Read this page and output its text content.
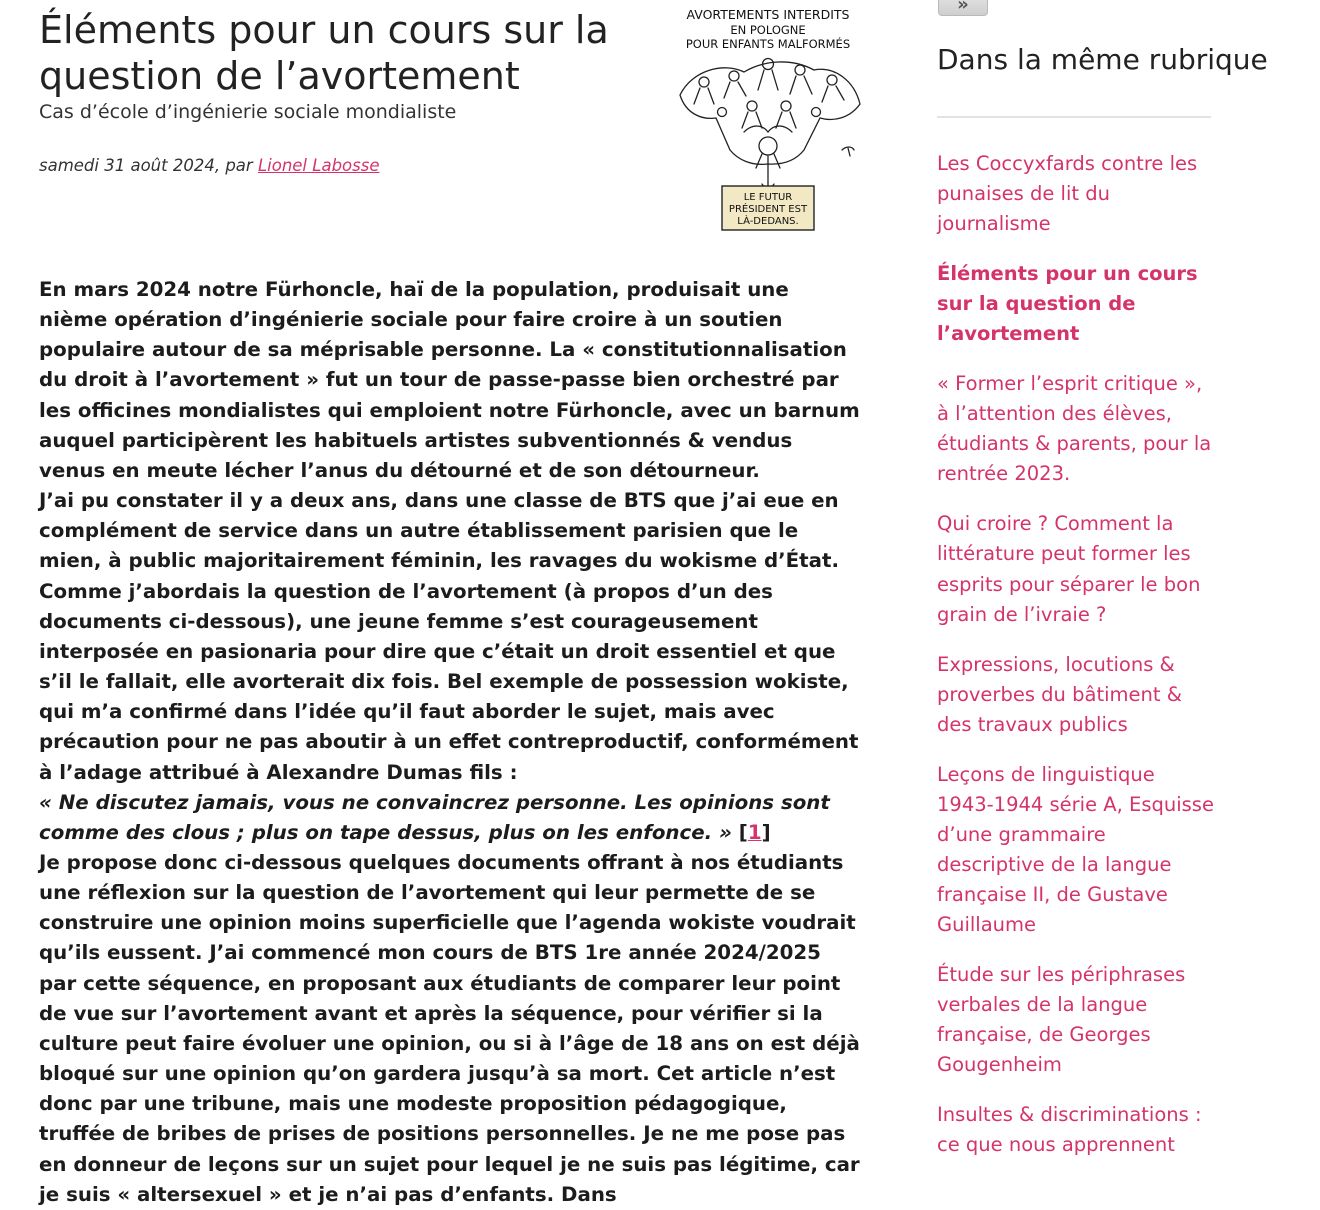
»
Éléments pour un cours sur la question de l’avortement
Cas d’école d’ingénierie sociale mondialiste
samedi 31 août 2024, par Lionel Labosse
AVORTEMENTS INTERDITS
EN POLOGNE
POUR ENFANTS MALFORMÉS
LE FUTUR
PRÉSIDENT EST
LÀ-DEDANS.

En mars 2024 notre Fürhoncle, haï de la population, produisait une nième opération d’ingénierie sociale pour faire croire à un soutien populaire autour de sa méprisable personne. La « constitutionnalisation du droit à l’avortement » fut un tour de passe-passe bien orchestré par les officines mondialistes qui emploient notre Fürhoncle, avec un barnum auquel participèrent les habituels artistes subventionnés & vendus venus en meute lécher l’anus du détourné et de son détourneur.

J’ai pu constater il y a deux ans, dans une classe de BTS que j’ai eue en complément de service dans un autre établissement parisien que le mien, à public majoritairement féminin, les ravages du wokisme d’État. Comme j’abordais la question de l’avortement (à propos d’un des documents ci-dessous), une jeune femme s’est courageusement interposée en pasionaria pour dire que c’était un droit essentiel et que s’il le fallait, elle avorterait dix fois. Bel exemple de possession wokiste, qui m’a confirmé dans l’idée qu’il faut aborder le sujet, mais avec précaution pour ne pas aboutir à un effet contreproductif, conformément à l’adage attribué à Alexandre Dumas fils :

« Ne discutez jamais, vous ne convaincrez personne. Les opinions sont comme des clous ; plus on tape dessus, plus on les enfonce. » [1]

Je propose donc ci-dessous quelques documents offrant à nos étudiants une réflexion sur la question de l’avortement qui leur permette de se construire une opinion moins superficielle que l’agenda wokiste voudrait qu’ils eussent. J’ai commencé mon cours de BTS 1re année 2024/2025 par cette séquence, en proposant aux étudiants de comparer leur point de vue sur l’avortement avant et après la séquence, pour vérifier si la culture peut faire évoluer une opinion, ou si à l’âge de 18 ans on est déjà bloqué sur une opinion qu’on gardera jusqu’à sa mort. Cet article n’est donc par une tribune, mais une modeste proposition pédagogique, truffée de bribes de prises de positions personnelles. Je ne me pose pas en donneur de leçons sur un sujet pour lequel je ne suis pas légitime, car je suis « altersexuel » et je n’ai pas d’enfants. Dans

Dans la même rubrique
Les Coccyxfards contre les punaises de lit du journalisme
Éléments pour un cours sur la question de l’avortement
« Former l’esprit critique », à l’attention des élèves, étudiants & parents, pour la rentrée 2023.
Qui croire ? Comment la littérature peut former les esprits pour séparer le bon grain de l’ivraie ?
Expressions, locutions & proverbes du bâtiment & des travaux publics
Leçons de linguistique 1943-1944 série A, Esquisse d’une grammaire descriptive de la langue française II, de Gustave Guillaume
Étude sur les périphrases verbales de la langue française, de Georges Gougenheim
Insultes & discriminations : ce que nous apprennent
